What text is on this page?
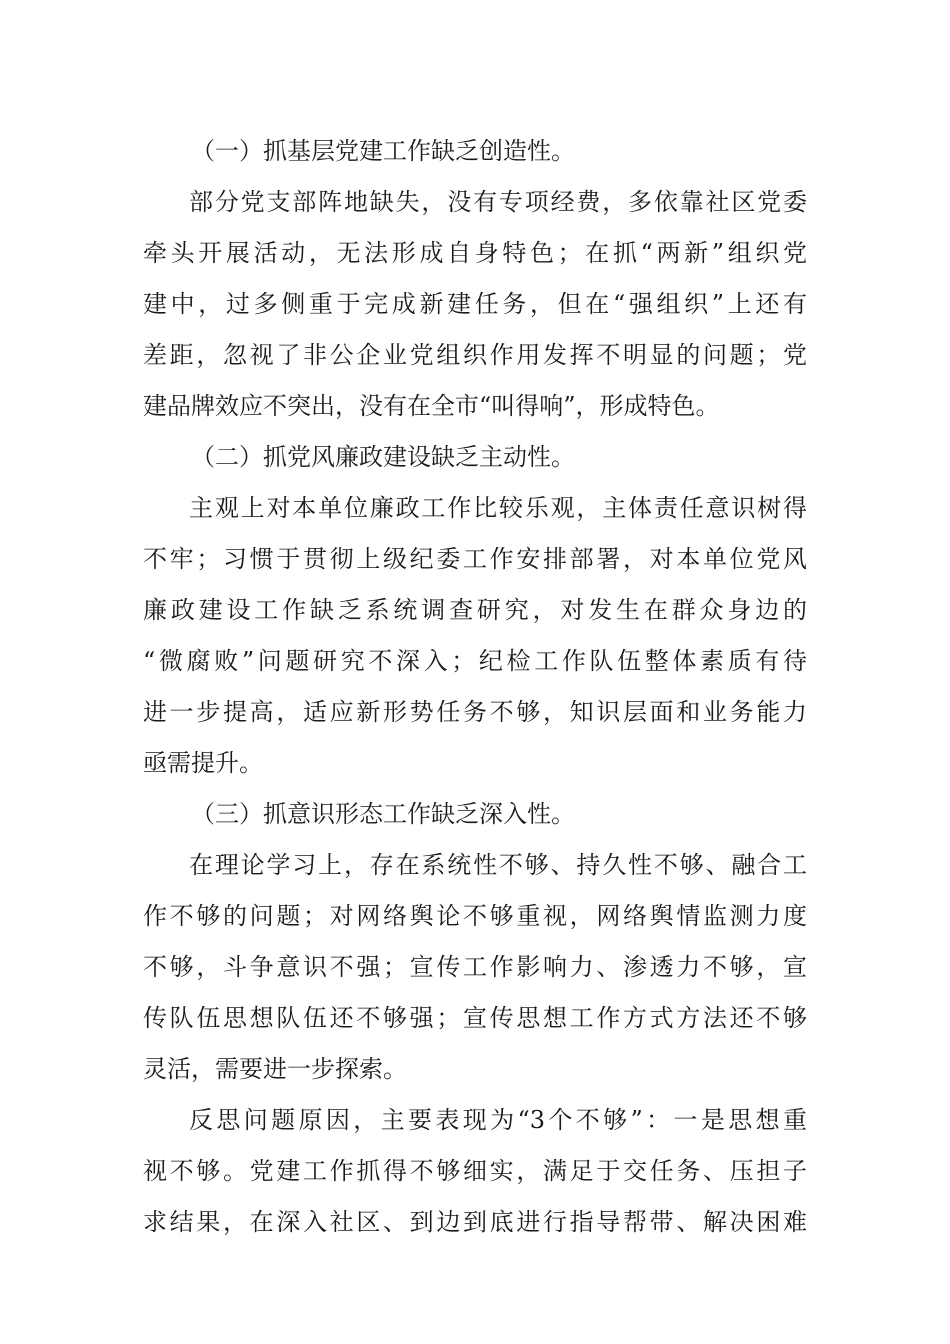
（一）抓基层党建工作缺乏创造性。
部分党支部阵地缺失，没有专项经费，多依靠社区党委
牵头开展活动，无法形成自身特色；在抓“两新”组织党
建中，过多侧重于完成新建任务，但在“强组织”上还有
差距，忽视了非公企业党组织作用发挥不明显的问题；党
建品牌效应不突出，没有在全市“叫得响”，形成特色。
（二）抓党风廉政建设缺乏主动性。
主观上对本单位廉政工作比较乐观，主体责任意识树得
不牢；习惯于贯彻上级纪委工作安排部署，对本单位党风
廉政建设工作缺乏系统调查研究，对发生在群众身边的
“微腐败”问题研究不深入；纪检工作队伍整体素质有待
进一步提高，适应新形势任务不够，知识层面和业务能力
亟需提升。
（三）抓意识形态工作缺乏深入性。
在理论学习上，存在系统性不够、持久性不够、融合工
作不够的问题；对网络舆论不够重视，网络舆情监测力度
不够，斗争意识不强；宣传工作影响力、渗透力不够，宣
传队伍思想队伍还不够强；宣传思想工作方式方法还不够
灵活，需要进一步探索。
反思问题原因，主要表现为“3个不够”：一是思想重
视不够。党建工作抓得不够细实，满足于交任务、压担子
求结果，在深入社区、到边到底进行指导帮带、解决困难
